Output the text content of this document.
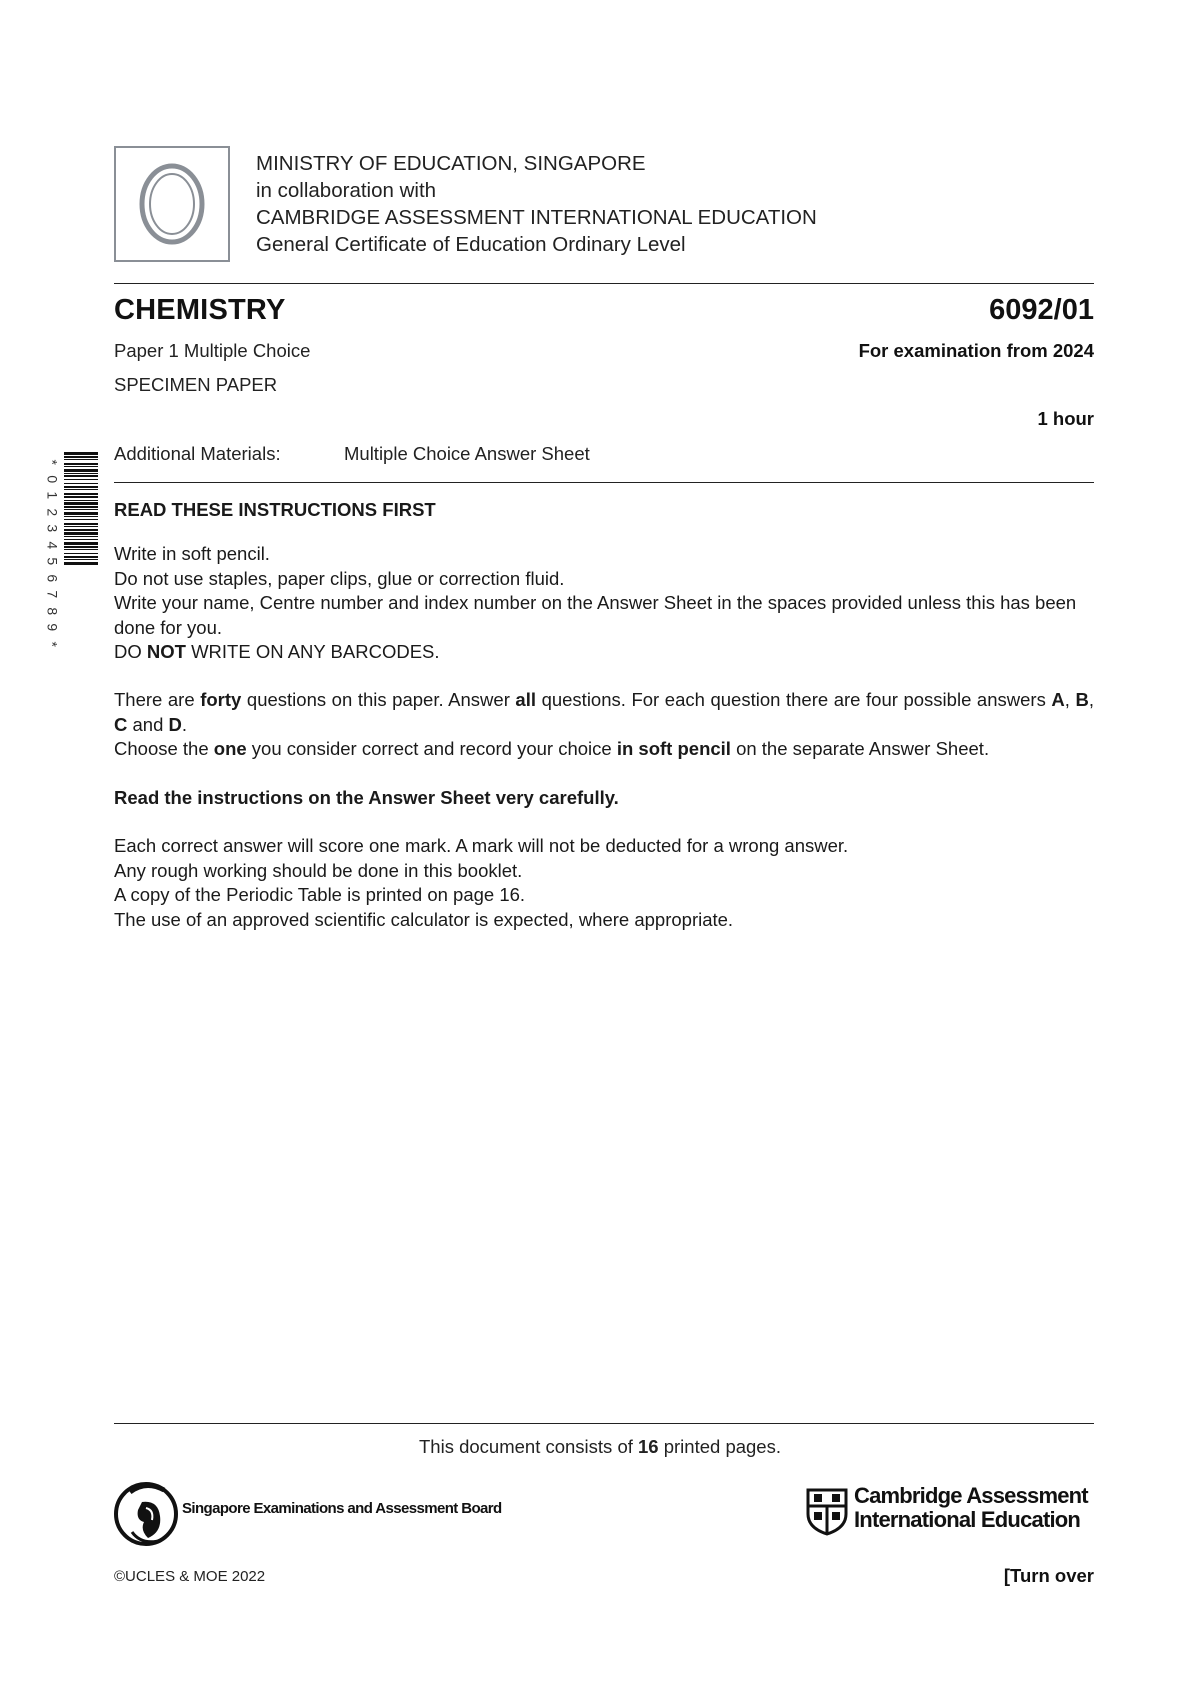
MINISTRY OF EDUCATION, SINGAPORE
in collaboration with
CAMBRIDGE ASSESSMENT INTERNATIONAL EDUCATION
General Certificate of Education Ordinary Level
CHEMISTRY	6092/01
Paper 1 Multiple Choice	For examination from 2024
SPECIMEN PAPER
1 hour
Additional Materials:	Multiple Choice Answer Sheet
*
0
1
2
3
4
5
6
7
8
9
*
READ THESE INSTRUCTIONS FIRST

Write in soft pencil.

Do not use staples, paper clips, glue or correction fluid.

Write your name, Centre number and index number on the Answer Sheet in the spaces provided unless this has been done for you.

DO NOT WRITE ON ANY BARCODES.

There are forty questions on this paper. Answer all questions. For each question there are four possible answers A, B, C and D.

Choose the one you consider correct and record your choice in soft pencil on the separate Answer Sheet.

Read the instructions on the Answer Sheet very carefully.

Each correct answer will score one mark. A mark will not be deducted for a wrong answer.

Any rough working should be done in this booklet.

A copy of the Periodic Table is printed on page 16.

The use of an approved scientific calculator is expected, where appropriate.

This document consists of 16 printed pages.
Singapore Examinations and Assessment Board
Cambridge Assessment
International Education
©UCLES & MOE 2022	[Turn over
